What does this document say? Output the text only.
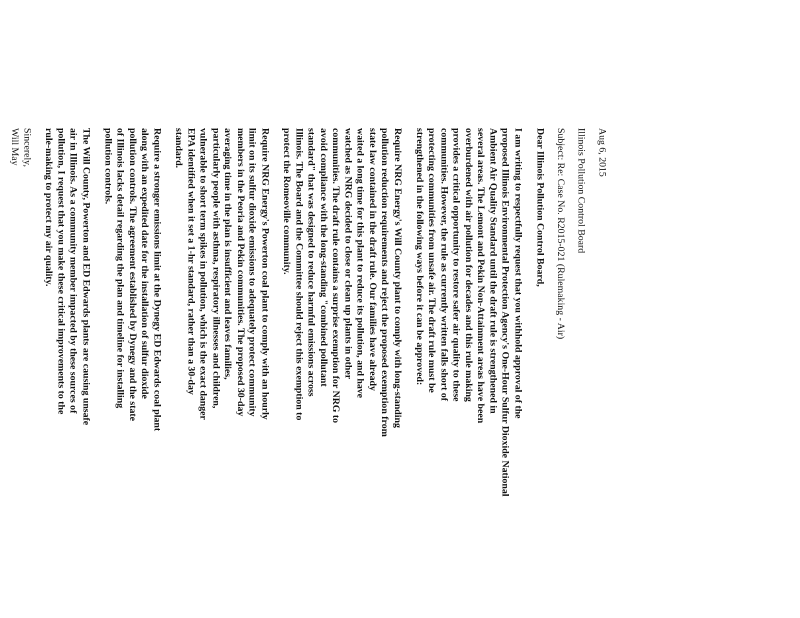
Aug 6, 2015

Illinois Pollution Control Board

Subject: Re: Case No. R2015-021 (Rulemaking - Air)

Dear Illinois Pollution Control Board,

I am writing to respectfully request that you withhold approval of the
proposed Illinois Environmental Protection Agency's One-Hour Sulfur Dioxide National
Ambient Air Quality Standard until the draft rule is strengthened in
several areas. The Lemont and Pekin Non-Attainment areas have been
overburdened with air pollution for decades and this rule making
provides a critical opportunity to restore safer air quality to these
communities. However, the rule as currently written falls short of
protecting communities from unsafe air. The draft rule must be
strengthened in the following ways before it can be approved:

Require NRG Energy's Will County plant to comply with long-standing
pollution reduction requirements and reject the proposed exemption from
state law contained in the draft rule. Our families have already
waited a long time for this plant to reduce its pollution, and have
watched as NRG decided to close or clean up plants in other
communities. The draft rule contains a surprise exemption for NRG to
avoid compliance with the long-standing "combined pollutant
standard" that was designed to reduce harmful emissions across
Illinois. The Board and the Committee should reject this exemption to
protect the Romeoville community.

Require NRG Energy's Powerton coal plant to comply with an hourly
limit on its sulfur dioxide emissions to adequately protect community
members in the Peoria and Pekin communities. The proposed 30-day
averaging time in the plan is insufficient and leaves families,
particularly people with asthma, respiratory illnesses and children,
vulnerable to short term spikes in pollution, which is the exact danger
EPA identified when it set a 1-hr standard, rather than a 30-day
standard.

Require a stronger emissions limit at the Dynegy ED Edwards coal plant
along with an expedited date for the installation of sulfur dioxide
pollution controls. The agreement established by Dynegy and the state
of Illinois lacks detail regarding the plan and timeline for installing
pollution controls.

The Will County, Powerton and ED Edwards plants are causing unsafe
air in Illinois. As a community member impacted by these sources of
pollution, I request that you make these critical improvements to the
rule-making to protect my air quality.

Sincerely,

Will May
